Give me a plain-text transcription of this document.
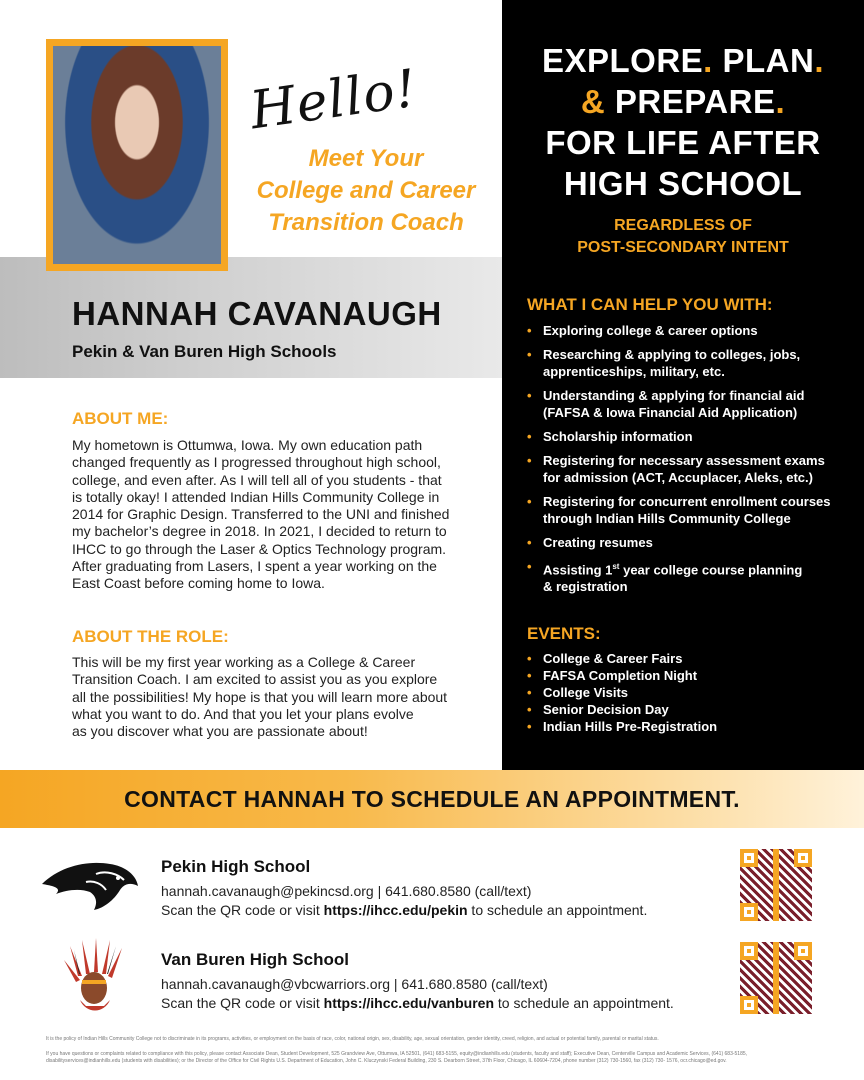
Hello!
Meet Your
College and Career
Transition Coach
HANNAH CAVANAUGH
Pekin & Van Buren High Schools
ABOUT ME:

My hometown is Ottumwa, Iowa. My own education path
changed frequently as I progressed throughout high school,
college, and even after. As I will tell all of you students - that
is totally okay! I attended Indian Hills Community College in
2014 for Graphic Design. Transferred to the UNI and finished
my bachelor’s degree in 2018. In 2021, I decided to return to
IHCC to go through the Laser & Optics Technology program.
After graduating from Lasers, I spent a year working on the
East Coast before coming home to Iowa.

ABOUT THE ROLE:

This will be my first year working as a College & Career
Transition Coach. I am excited to assist you as you explore
all the possibilities! My hope is that you will learn more about
what you want to do. And that you let your plans evolve
as you discover what you are passionate about!

EXPLORE. PLAN.
& PREPARE.
FOR LIFE AFTER
HIGH SCHOOL
REGARDLESS OF
POST-SECONDARY INTENT
WHAT I CAN HELP YOU WITH:
• Exploring college & career options
• Researching & applying to colleges, jobs,
apprenticeships, military, etc.
• Understanding & applying for financial aid
(FAFSA & Iowa Financial Aid Application)
• Scholarship information
• Registering for necessary assessment exams
for admission (ACT, Accuplacer, Aleks, etc.)
• Registering for concurrent enrollment courses
through Indian Hills Community College
• Creating resumes
• Assisting 1st year college course planning
& registration
EVENTS:
• College & Career Fairs
• FAFSA Completion Night
• College Visits
• Senior Decision Day
• Indian Hills Pre-Registration
CONTACT HANNAH TO SCHEDULE AN APPOINTMENT.
Pekin High School
hannah.cavanaugh@pekincsd.org | 641.680.8580 (call/text)
Scan the QR code or visit https://ihcc.edu/pekin to schedule an appointment.
Van Buren High School
hannah.cavanaugh@vbcwarriors.org | 641.680.8580 (call/text)
Scan the QR code or visit https://ihcc.edu/vanburen to schedule an appointment.
It is the policy of Indian Hills Community College not to discriminate in its programs, activities, or employment on the basis of race, color, national origin, sex, disability, age, sexual orientation, gender identity, creed, religion, and actual or potential family, parental or marital status.
If you have questions or complaints related to compliance with this policy, please contact Associate Dean, Student Development, 525 Grandview Ave, Ottumwa, IA 52501, (641) 683-5155, equity@indianhills.edu (students, faculty and staff); Executive Dean, Centerville Campus and Academic Services, (641) 683-5185, disabilityservices@indianhills.edu (students with disabilities); or the Director of the Office for Civil Rights U.S. Department of Education, John C. Kluczynski Federal Building, 230 S. Dearborn Street, 37th Floor, Chicago, IL 60604-7204, phone number (312) 730-1560, fax (312) 730- 1576, ocr.chicago@ed.gov.
